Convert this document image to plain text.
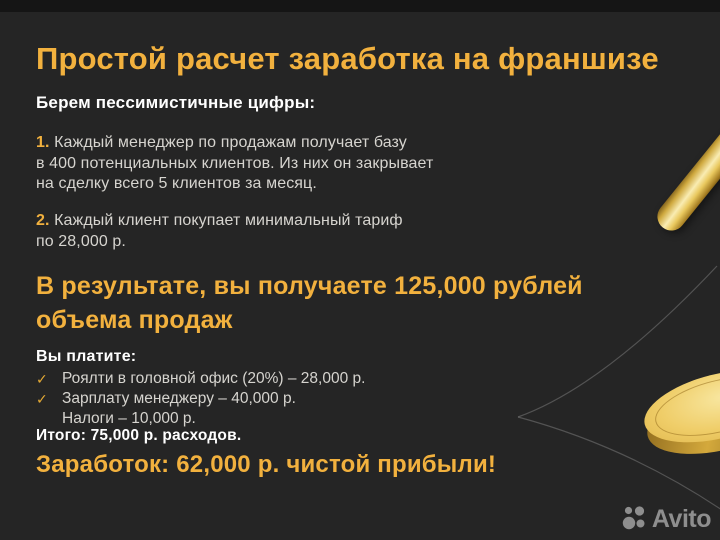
Простой расчет заработка на франшизе
Берем пессимистичные цифры:
1. Каждый менеджер по продажам получает базу
в 400 потенциальных клиентов. Из них он закрывает
на сделку всего 5 клиентов за месяц.
2. Каждый клиент покупает минимальный тариф
по 28,000 р.
В результате, вы получаете 125,000 рублей
объема продаж
Вы платите:
✓ Роялти в головной офис (20%) – 28,000 р.
✓ Зарплату менеджеру – 40,000 р.
Налоги – 10,000 р.
Итого: 75,000 р. расходов.
Заработок: 62,000 р. чистой прибыли!
Avito
